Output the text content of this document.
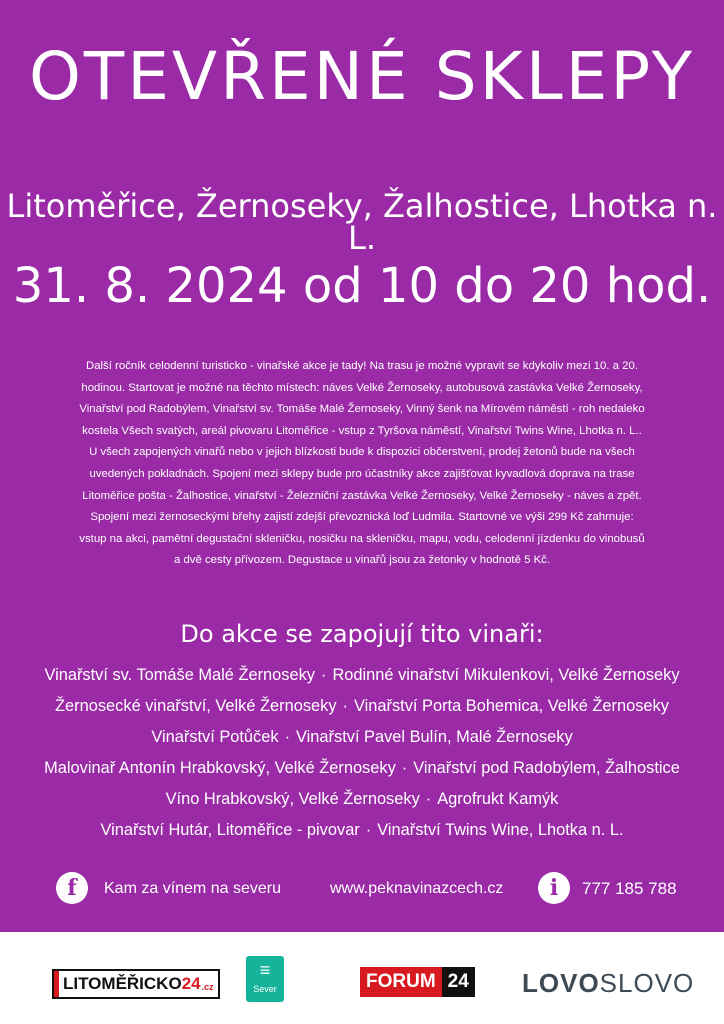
OTEVŘENÉ SKLEPY
Litoměřice, Žernoseky, Žalhostice, Lhotka n. L.
31. 8. 2024 od 10 do 20 hod.
Další ročník celodenní turisticko - vinařské akce je tady! Na trasu je možné vypravit se kdykoliv mezi 10. a 20.
hodinou. Startovat je možné na těchto místech: náves Velké Žernoseky, autobusová zastávka Velké Žernoseky,
Vinařství pod Radobýlem, Vinařství sv. Tomáše Malé Žernoseky, Vinný šenk na Mírovém náměstí - roh nedaleko
kostela Všech svatých, areál pivovaru Litoměřice - vstup z Tyršova náměstí, Vinařství Twins Wine, Lhotka n. L..
U všech zapojených vinařů nebo v jejich blízkosti bude k dispozici občerstvení, prodej žetonů bude na všech
uvedených pokladnách. Spojení mezi sklepy bude pro účastníky akce zajišťovat kyvadlová doprava na trase
Litoměřice pošta - Žalhostice, vinařství - Železniční zastávka Velké Žernoseky, Velké Žernoseky - náves a zpět.
Spojení mezi žernoseckými břehy zajistí zdejší převoznická loď Ludmila. Startovné ve výši 299 Kč zahrnuje:
vstup na akci, pamětní degustační skleničku, nosičku na skleničku, mapu, vodu, celodenní jízdenku do vinobusů
a dvě cesty přívozem. Degustace u vinařů jsou za žetonky v hodnotě 5 Kč.
Do akce se zapojují tito vinaři:
Vinařství sv. Tomáše Malé Žernoseky · Rodinné vinařství Mikulenkovi, Velké Žernoseky
Žernosecké vinařství, Velké Žernoseky · Vinařství Porta Bohemica, Velké Žernoseky
Vinařství Potůček · Vinařství Pavel Bulín, Malé Žernoseky
Malovinař Antonín Hrabkovský, Velké Žernoseky · Vinařství pod Radobýlem, Žalhostice
Víno Hrabkovský, Velké Žernoseky · Agrofrukt Kamýk
Vinařství Hutár, Litoměřice - pivovar · Vinařství Twins Wine, Lhotka n. L.
f	Kam za vínem na severu	www.peknavinazcech.cz	i	777 185 788
LITOMĚŘICKO 24 .cz
≡
Sever	FORUM 24 LOVOSLOVO
